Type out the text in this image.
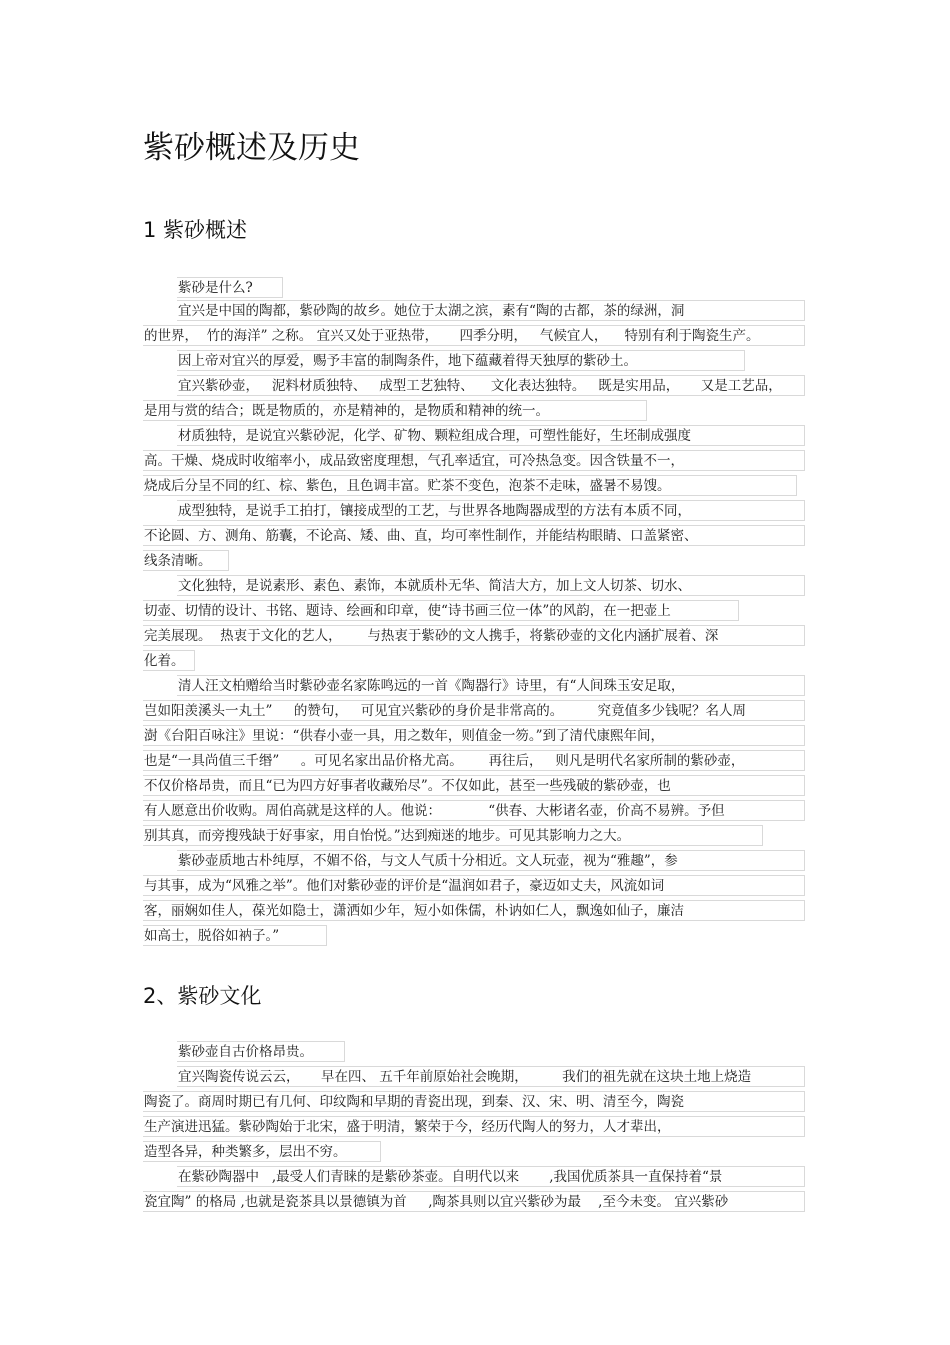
紫砂概述及历史
1 紫砂概述
紫砂是什么?
宜兴是中国的陶都，紫砂陶的故乡。她位于太湖之滨，素有“陶的古都，茶的绿洲，洞
的世界，  竹的海洋” 之称。 宜兴又处于亚热带，     四季分明，   气候宜人，    特别有利于陶瓷生产。
因上帝对宜兴的厚爱，赐予丰富的制陶条件，地下蕴藏着得天独厚的紫砂土。
宜兴紫砂壶，   泥料材质独特、   成型工艺独特、    文化表达独特。   既是实用品，     又是工艺品，
是用与赏的结合；既是物质的，亦是精神的，是物质和精神的统一。
材质独特，是说宜兴紫砂泥，化学、矿物、颗粒组成合理，可塑性能好，生坯制成强度
高。干燥、烧成时收缩率小，成品致密度理想，气孔率适宜，可冷热急变。因含铁量不一，
烧成后分呈不同的红、棕、紫色，且色调丰富。贮茶不变色，泡茶不走味，盛暑不易馊。
成型独特，是说手工拍打，镶接成型的工艺，与世界各地陶器成型的方法有本质不同，
不论圆、方、测角、筋囊，不论高、矮、曲、直，均可率性制作，并能结构眼睛、口盖紧密、
线条清晰。
文化独特，是说素形、素色、素饰，本就质朴无华、简洁大方，加上文人切茶、切水、
切壶、切情的设计、书铭、题诗、绘画和印章，使“诗书画三位一体”的风韵，在一把壶上
完美展现。  热衷于文化的艺人，      与热衷于紫砂的文人携手，将紫砂壶的文化内涵扩展着、深
化着。
清人汪文柏赠给当时紫砂壶名家陈鸣远的一首《陶器行》诗里，有“人间珠玉安足取，
岂如阳羡溪头一丸土”     的赞句，   可见宜兴紫砂的身价是非常高的。        究竟值多少钱呢？名人周
澍《台阳百咏注》里说：“供春小壶一具，用之数年，则值金一笏。”到了清代康熙年间，
也是“一具尚值三千缗”     。可见名家出品价格尤高。      再往后，   则凡是明代名家所制的紫砂壶，
不仅价格昂贵，而且“已为四方好事者收藏殆尽”。不仅如此，甚至一些残破的紫砂壶，也
有人愿意出价收购。周伯高就是这样的人。他说：           “供春、大彬诸名壶，价高不易辨。予但
别其真，而旁搜残缺于好事家，用自怡悦。”达到痴迷的地步。可见其影响力之大。
紫砂壶质地古朴纯厚，不媚不俗，与文人气质十分相近。文人玩壶，视为“雅趣”，参
与其事，成为“风雅之举”。他们对紫砂壶的评价是“温润如君子，豪迈如丈夫，风流如词
客，丽娴如佳人，葆光如隐士，潇洒如少年，短小如侏儒，朴讷如仁人，飘逸如仙子，廉洁
如高士，脱俗如衲子。”
2、紫砂文化
紫砂壶自古价格昂贵。
宜兴陶瓷传说云云，     早在四、 五千年前原始社会晚期，        我们的祖先就在这块土地上烧造
陶瓷了。商周时期已有几何、印纹陶和早期的青瓷出现，到秦、汉、宋、明、清至今，陶瓷
生产演进迅猛。紫砂陶始于北宋，盛于明清，繁荣于今，经历代陶人的努力，人才辈出，
造型各异，种类繁多，层出不穷。
在紫砂陶器中   ,最受人们青睐的是紫砂茶壶。自明代以来       ,我国优质茶具一直保持着“景
瓷宜陶” 的格局 ,也就是瓷茶具以景德镇为首     ,陶茶具则以宜兴紫砂为最    ,至今未变。 宜兴紫砂
